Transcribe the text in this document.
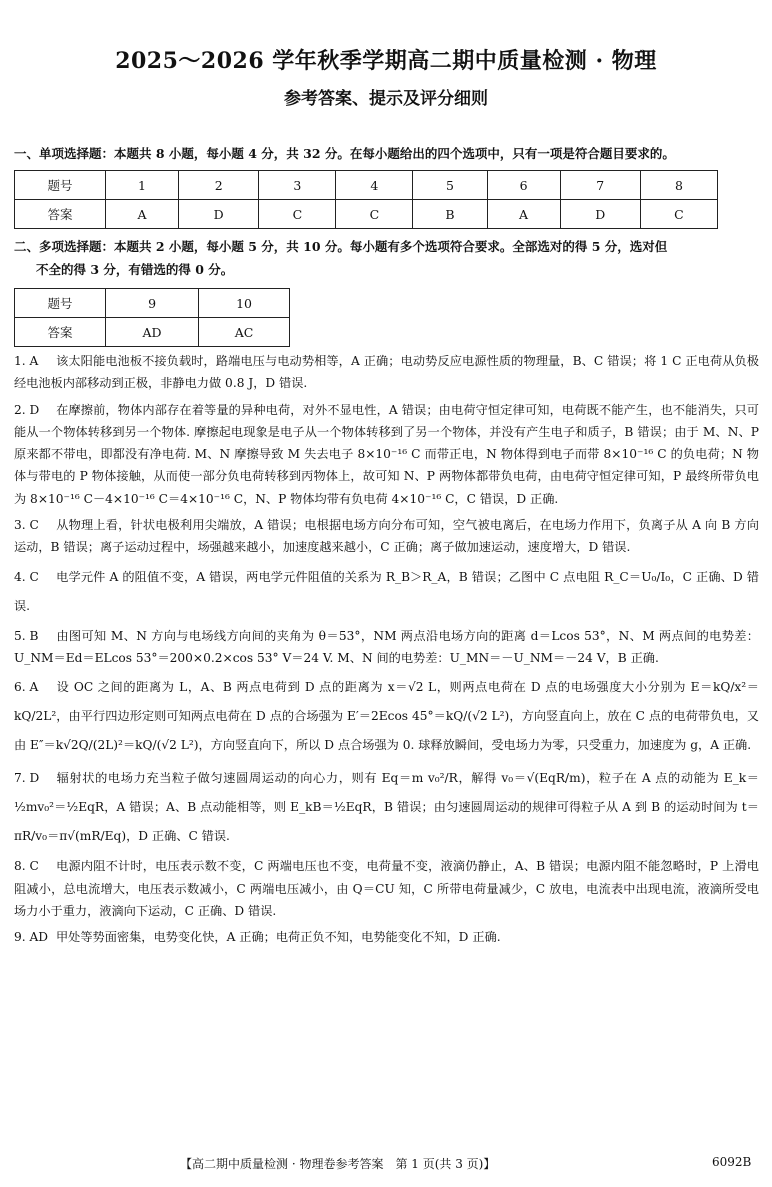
2025～2026 学年秋季学期高二期中质量检测 · 物理
参考答案、提示及评分细则
一、单项选择题：本题共 8 小题，每小题 4 分，共 32 分。在每小题给出的四个选项中，只有一项是符合题目要求的。
题号	1	2	3	4	5	6	7	8
答案	A	D	C	C	B	A	D	C
二、多项选择题：本题共 2 小题，每小题 5 分，共 10 分。每小题有多个选项符合要求。全部选对的得 5 分，选对但
不全的得 3 分，有错选的得 0 分。
题号	9	10
答案	AD	AC
1. A 该太阳能电池板不接负载时，路端电压与电动势相等，A 正确；电动势反应电源性质的物理量，B、C 错误；将 1 C 正电荷从负极经电池板内部移动到正极，非静电力做 0.8 J，D 错误.
2. D 在摩擦前，物体内部存在着等量的异种电荷，对外不显电性，A 错误；由电荷守恒定律可知，电荷既不能产生，也不能消失，只可能从一个物体转移到另一个物体. 摩擦起电现象是电子从一个物体转移到了另一个物体，并没有产生电子和质子，B 错误；由于 M、N、P 原来都不带电，即都没有净电荷. M、N 摩擦导致 M 失去电子 8×10⁻¹⁶ C 而带正电，N 物体得到电子而带 8×10⁻¹⁶ C 的负电荷；N 物体与带电的 P 物体接触，从而使一部分负电荷转移到丙物体上，故可知 N、P 两物体都带负电荷，由电荷守恒定律可知，P 最终所带负电为 8×10⁻¹⁶ C－4×10⁻¹⁶ C＝4×10⁻¹⁶ C，N、P 物体均带有负电荷 4×10⁻¹⁶ C，C 错误，D 正确.
3. C 从物理上看，针状电极利用尖端放，A 错误；电根据电场方向分布可知，空气被电离后，在电场力作用下，负离子从 A 向 B 方向运动，B 错误；离子运动过程中，场强越来越小，加速度越来越小，C 正确；离子做加速运动，速度增大，D 错误.
4. C 电学元件 A 的阻值不变，A 错误，两电学元件阻值的关系为 R_B＞R_A，B 错误；乙图中 C 点电阻 R_C＝U₀/I₀，C 正确、D 错误.
5. B 由图可知 M、N 方向与电场线方向间的夹角为 θ＝53°，NM 两点沿电场方向的距离 d＝Lcos 53°，N、M 两点间的电势差：U_NM＝Ed＝ELcos 53°＝200×0.2×cos 53° V＝24 V. M、N 间的电势差：U_MN＝－U_NM＝－24 V，B 正确.
6. A 设 OC 之间的距离为 L，A、B 两点电荷到 D 点的距离为 x＝√2 L，则两点电荷在 D 点的电场强度大小分别为 E＝kQ/x²＝kQ/2L²，由平行四边形定则可知两点电荷在 D 点的合场强为 E′＝2Ecos 45°＝kQ/(√2 L²)，方向竖直向上，放在 C 点的电荷带负电，又由 E″＝k√2Q/(2L)²＝kQ/(√2 L²)，方向竖直向下，所以 D 点合场强为 0. 球释放瞬间，受电场力为零，只受重力，加速度为 g，A 正确.
7. D 辐射状的电场力充当粒子做匀速圆周运动的向心力，则有 Eq＝m v₀²/R，解得 v₀＝√(EqR/m)，粒子在 A 点的动能为 E_k＝½mv₀²＝½EqR，A 错误；A、B 点动能相等，则 E_kB＝½EqR，B 错误；由匀速圆周运动的规律可得粒子从 A 到 B 的运动时间为 t＝πR/v₀＝π√(mR/Eq)，D 正确、C 错误.
8. C 电源内阻不计时，电压表示数不变，C 两端电压也不变，电荷量不变，液滴仍静止，A、B 错误；电源内阻不能忽略时，P 上滑电阻减小，总电流增大，电压表示数减小，C 两端电压减小，由 Q＝CU 知，C 所带电荷量减少，C 放电，电流表中出现电流，液滴所受电场力小于重力，液滴向下运动，C 正确、D 错误.
9. AD 甲处等势面密集，电势变化快，A 正确；电荷正负不知，电势能变化不知，D 正确.
【高二期中质量检测 · 物理卷参考答案　第 1 页(共 3 页)】	6092B
